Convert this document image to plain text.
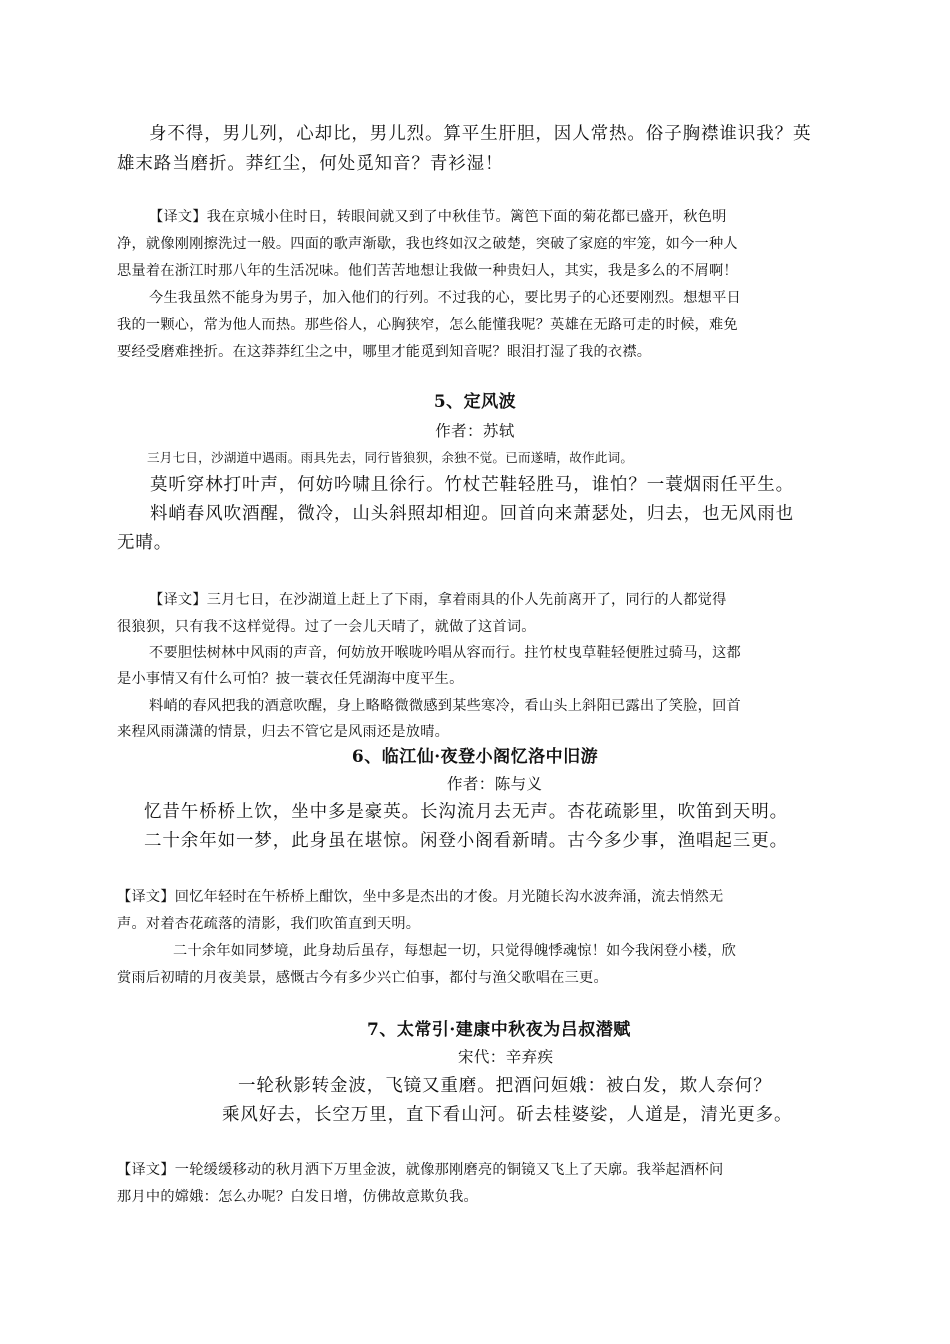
身不得，男儿列，心却比，男儿烈。算平生肝胆，因人常热。俗子胸襟谁识我？英

雄末路当磨折。莽红尘，何处觅知音？青衫湿！

【译文】我在京城小住时日，转眼间就又到了中秋佳节。篱笆下面的菊花都已盛开，秋色明

净，就像刚刚擦洗过一般。四面的歌声渐歇，我也终如汉之破楚，突破了家庭的牢笼，如今一种人

思量着在浙江时那八年的生活况味。他们苦苦地想让我做一种贵妇人，其实，我是多么的不屑啊！

今生我虽然不能身为男子，加入他们的行列。不过我的心，要比男子的心还要刚烈。想想平日

我的一颗心，常为他人而热。那些俗人，心胸狭窄，怎么能懂我呢？英雄在无路可走的时候，难免

要经受磨难挫折。在这莽莽红尘之中，哪里才能觅到知音呢？眼泪打湿了我的衣襟。

5、定风波

作者：苏轼

三月七日，沙湖道中遇雨。雨具先去，同行皆狼狈，余独不觉。已而遂晴，故作此词。

莫听穿林打叶声，何妨吟啸且徐行。竹杖芒鞋轻胜马，谁怕？一蓑烟雨任平生。

料峭春风吹酒醒，微冷，山头斜照却相迎。回首向来萧瑟处，归去，也无风雨也

无晴。

【译文】三月七日，在沙湖道上赶上了下雨，拿着雨具的仆人先前离开了，同行的人都觉得

很狼狈，只有我不这样觉得。过了一会儿天晴了，就做了这首词。

不要胆怯树林中风雨的声音，何妨放开喉咙吟唱从容而行。拄竹杖曳草鞋轻便胜过骑马，这都

是小事情又有什么可怕？披一蓑衣任凭湖海中度平生。

料峭的春风把我的酒意吹醒，身上略略微微感到某些寒冷，看山头上斜阳已露出了笑脸，回首

来程风雨潇潇的情景，归去不管它是风雨还是放晴。

6、临江仙·夜登小阁忆洛中旧游

作者：陈与义

忆昔午桥桥上饮，坐中多是豪英。长沟流月去无声。杏花疏影里，吹笛到天明。

二十余年如一梦，此身虽在堪惊。闲登小阁看新晴。古今多少事，渔唱起三更。

【译文】回忆年轻时在午桥桥上酣饮，坐中多是杰出的才俊。月光随长沟水波奔涌，流去悄然无

声。对着杏花疏落的清影，我们吹笛直到天明。

二十余年如同梦境，此身劫后虽存，每想起一切，只觉得魄悸魂惊！如今我闲登小楼，欣

赏雨后初晴的月夜美景，感慨古今有多少兴亡伯事，都付与渔父歌唱在三更。

7、太常引·建康中秋夜为吕叔潜赋

宋代：辛弃疾

一轮秋影转金波，飞镜又重磨。把酒问姮娥：被白发，欺人奈何？

乘风好去，长空万里，直下看山河。斫去桂婆娑，人道是，清光更多。

【译文】一轮缓缓移动的秋月洒下万里金波，就像那刚磨亮的铜镜又飞上了天廓。我举起酒杯问

那月中的嫦娥：怎么办呢？白发日增，仿佛故意欺负我。
